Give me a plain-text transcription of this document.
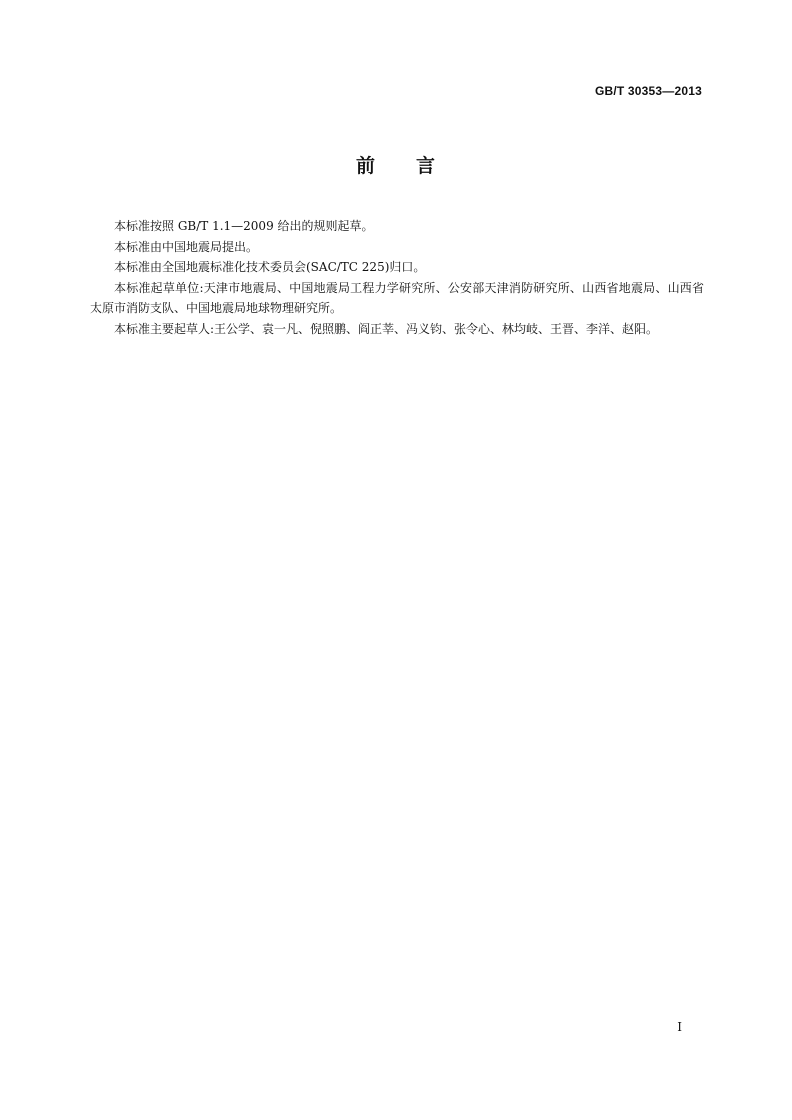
GB/T 30353—2013
前 言

本标准按照 GB/T 1.1—2009 给出的规则起草。

本标准由中国地震局提出。

本标准由全国地震标准化技术委员会(SAC/TC 225)归口。

本标准起草单位:天津市地震局、中国地震局工程力学研究所、公安部天津消防研究所、山西省地震局、山西省太原市消防支队、中国地震局地球物理研究所。

本标准主要起草人:王公学、袁一凡、倪照鹏、阎正莘、冯义钧、张令心、林均岐、王晋、李洋、赵阳。

I
